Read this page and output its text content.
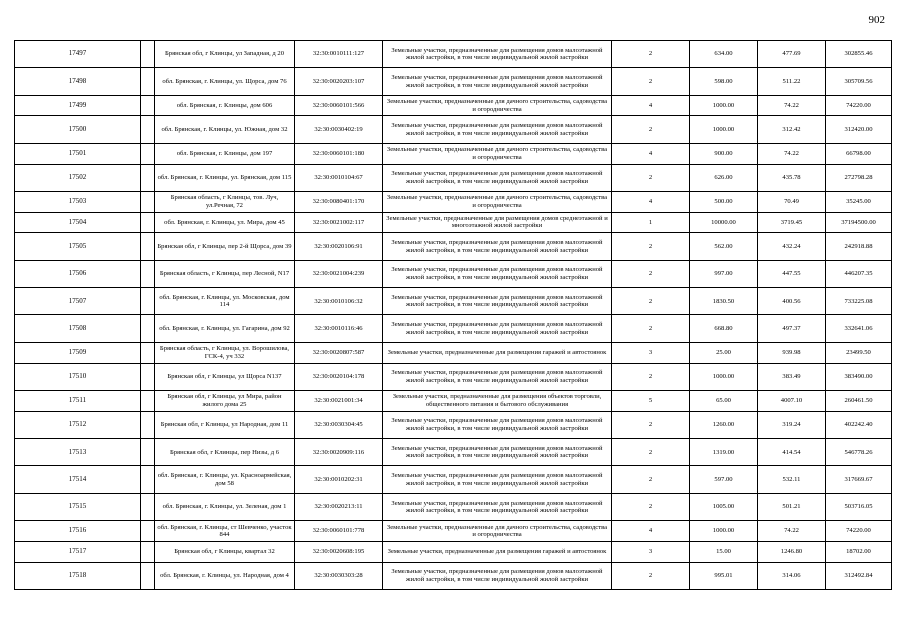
902
17497		Брянская обл, г Клинцы, ул Западная, д 20	32:30:0010111:127	Земельные участки, предназначенные для размещения домов малоэтажной жилой застройки, в том числе индивидуальной жилой застройки	2	634.00	477.69	302855.46
17498		обл. Брянская, г. Клинцы, ул. Щорса, дом 76	32:30:0020203:107	Земельные участки, предназначенные для размещения домов малоэтажной жилой застройки, в том числе индивидуальной жилой застройки	2	598.00	511.22	305709.56
17499		обл. Брянская, г. Клинцы, дом 606	32:30:0060101:566	Земельные участки, предназначенные для дачного строительства, садоводства и огородничества	4	1000.00	74.22	74220.00
17500		обл. Брянская, г. Клинцы, ул. Южная, дом 32	32:30:0030402:19	Земельные участки, предназначенные для размещения домов малоэтажной жилой застройки, в том числе индивидуальной жилой застройки	2	1000.00	312.42	312420.00
17501		обл. Брянская, г. Клинцы, дом 197	32:30:0060101:180	Земельные участки, предназначенные для дачного строительства, садоводства и огородничества	4	900.00	74.22	66798.00
17502		обл. Брянская, г. Клинцы, ул. Брянская, дом 115	32:30:0010104:67	Земельные участки, предназначенные для размещения домов малоэтажной жилой застройки, в том числе индивидуальной жилой застройки	2	626.00	435.78	272798.28
17503		Брянская область, г Клинцы, тов. Луч, ул.Речная, 72	32:30:0080401:170	Земельные участки, предназначенные для дачного строительства, садоводства и огородничества	4	500.00	70.49	35245.00
17504		обл. Брянская, г. Клинцы, ул. Мира, дом 45	32:30:0021002:117	Земельные участки, предназначенные для размещения домов среднеэтажной и многоэтажной жилой застройки	1	10000.00	3719.45	37194500.00
17505		Брянская обл, г Клинцы, пер 2-й Щорса, дом 39	32:30:0020106:91	Земельные участки, предназначенные для размещения домов малоэтажной жилой застройки, в том числе индивидуальной жилой застройки	2	562.00	432.24	242918.88
17506		Брянская область, г Клинцы, пер Лесной, N17	32:30:0021004:239	Земельные участки, предназначенные для размещения домов малоэтажной жилой застройки, в том числе индивидуальной жилой застройки	2	997.00	447.55	446207.35
17507		обл. Брянская, г. Клинцы, ул. Московская, дом 114	32:30:0010106:32	Земельные участки, предназначенные для размещения домов малоэтажной жилой застройки, в том числе индивидуальной жилой застройки	2	1830.50	400.56	733225.08
17508		обл. Брянская, г. Клинцы, ул. Гагарина, дом 92	32:30:0010116:46	Земельные участки, предназначенные для размещения домов малоэтажной жилой застройки, в том числе индивидуальной жилой застройки	2	668.80	497.37	332641.06
17509		Брянская область, г Клинцы, ул. Ворошилова, ГСК-4, уч 332	32:30:0020807:587	Земельные участки, предназначенные для размещения гаражей и автостоянок	3	25.00	939.98	23499.50
17510		Брянская обл, г Клинцы, ул Щорса N137	32:30:0020104:178	Земельные участки, предназначенные для размещения домов малоэтажной жилой застройки, в том числе индивидуальной жилой застройки	2	1000.00	383.49	383490.00
17511		Брянская обл, г Клинцы, ул Мира, район жилого дома 25	32:30:0021001:34	Земельные участки, предназначенные для размещения объектов торговли, общественного питания и бытового обслуживания	5	65.00	4007.10	260461.50
17512		Брянская обл, г Клинцы, ул Народная, дом 11	32:30:0030304:45	Земельные участки, предназначенные для размещения домов малоэтажной жилой застройки, в том числе индивидуальной жилой застройки	2	1260.00	319.24	402242.40
17513		Брянская обл, г Клинцы, пер Низы, д 6	32:30:0020909:116	Земельные участки, предназначенные для размещения домов малоэтажной жилой застройки, в том числе индивидуальной жилой застройки	2	1319.00	414.54	546778.26
17514		обл. Брянская, г. Клинцы, ул. Красноармейская, дом 58	32:30:0010202:31	Земельные участки, предназначенные для размещения домов малоэтажной жилой застройки, в том числе индивидуальной жилой застройки	2	597.00	532.11	317669.67
17515		обл. Брянская, г. Клинцы, ул. Зеленая, дом 1	32:30:0020213:11	Земельные участки, предназначенные для размещения домов малоэтажной жилой застройки, в том числе индивидуальной жилой застройки	2	1005.00	501.21	503716.05
17516		обл. Брянская, г. Клинцы, ст Шевченко, участок 844	32:30:0060101:778	Земельные участки, предназначенные для дачного строительства, садоводства и огородничества	4	1000.00	74.22	74220.00
17517		Брянская обл, г Клинцы, квартал 32	32:30:0020608:195	Земельные участки, предназначенные для размещения гаражей и автостоянок	3	15.00	1246.80	18702.00
17518		обл. Брянская, г. Клинцы, ул. Народная, дом 4	32:30:0030303:28	Земельные участки, предназначенные для размещения домов малоэтажной жилой застройки, в том числе индивидуальной жилой застройки	2	995.01	314.06	312492.84
